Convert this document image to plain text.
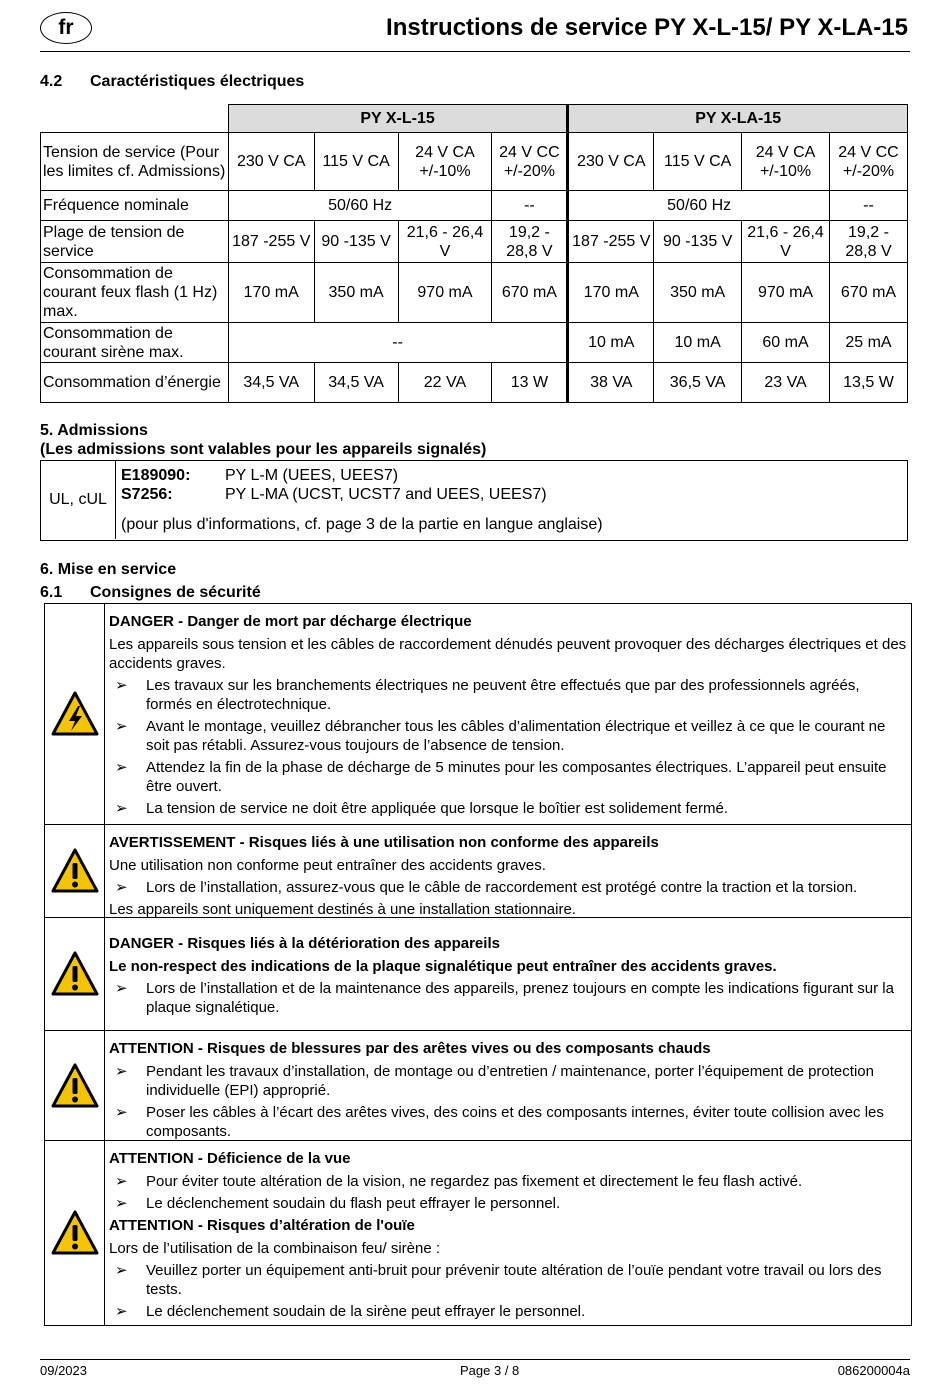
fr	Instructions de service PY X-L-15/ PY X-LA-15
4.2 Caractéristiques électriques
	PY X-L-15				PY X-LA-15			
Tension de service (Pour les limites cf. Admissions)	230 V CA	115 V CA	24 V CA +/-10%	24 V CC +/-20%	230 V CA	115 V CA	24 V CA +/-10%	24 V CC +/-20%
Fréquence nominale	50/60 Hz			--	50/60 Hz			--
Plage de tension de service	187 -255 V	90 -135 V	21,6 - 26,4 V	19,2 - 28,8 V	187 -255 V	90 -135 V	21,6 - 26,4 V	19,2 - 28,8 V
Consommation de courant feux flash (1 Hz) max.	170 mA	350 mA	970 mA	670 mA	170 mA	350 mA	970 mA	670 mA
Consommation de courant sirène max.	--				10 mA	10 mA	60 mA	25 mA
Consommation d’énergie	34,5 VA	34,5 VA	22 VA	13 W	38 VA	36,5 VA	23 VA	13,5 W
5. Admissions
(Les admissions sont valables pour les appareils signalés)
UL, cUL
E189090: PY L-M (UEES, UEES7)
S7256:	PY L-MA (UCST, UCST7 and UEES, UEES7)
(pour plus d'informations, cf. page 3 de la partie en langue anglaise)
6. Mise en service
6.1 Consignes de sécurité
DANGER - Danger de mort par décharge électrique
Les appareils sous tension et les câbles de raccordement dénudés peuvent provoquer des décharges électriques et des accidents graves.
➢	Les travaux sur les branchements électriques ne peuvent être effectués que par des professionnels agréés, formés en électrotechnique.
➢	Avant le montage, veuillez débrancher tous les câbles d’alimentation électrique et veillez à ce que le courant ne soit pas rétabli. Assurez-vous toujours de l’absence de tension.
➢	Attendez la fin de la phase de décharge de 5 minutes pour les composantes électriques. L’appareil peut ensuite être ouvert.
➢	La tension de service ne doit être appliquée que lorsque le boîtier est solidement fermé.
AVERTISSEMENT - Risques liés à une utilisation non conforme des appareils
Une utilisation non conforme peut entraîner des accidents graves.
➢	Lors de l’installation, assurez-vous que le câble de raccordement est protégé contre la traction et la torsion.
Les appareils sont uniquement destinés à une installation stationnaire.
DANGER - Risques liés à la détérioration des appareils
Le non-respect des indications de la plaque signalétique peut entraîner des accidents graves.
➢	Lors de l’installation et de la maintenance des appareils, prenez toujours en compte les indications figurant sur la plaque signalétique.
ATTENTION - Risques de blessures par des arêtes vives ou des composants chauds
➢	Pendant les travaux d’installation, de montage ou d’entretien / maintenance, porter l’équipement de protection individuelle (EPI) approprié.
➢	Poser les câbles à l’écart des arêtes vives, des coins et des composants internes, éviter toute collision avec les composants.
ATTENTION - Déficience de la vue
➢	Pour éviter toute altération de la vision, ne regardez pas fixement et directement le feu flash activé.
➢	Le déclenchement soudain du flash peut effrayer le personnel.
ATTENTION - Risques d’altération de l'ouïe
Lors de l’utilisation de la combinaison feu/ sirène :
➢	Veuillez porter un équipement anti-bruit pour prévenir toute altération de l’ouïe pendant votre travail ou lors des tests.
➢	Le déclenchement soudain de la sirène peut effrayer le personnel.
09/2023	Page 3 / 8	086200004a
